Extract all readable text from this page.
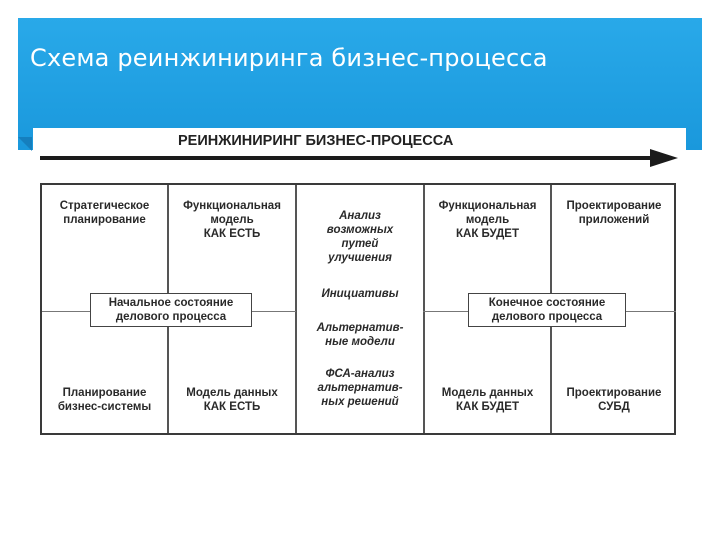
Схема реинжиниринга бизнес-процесса
РЕИНЖИНИРИНГ БИЗНЕС-ПРОЦЕССА
Стратегическое
планирование
Функциональная
модель
КАК ЕСТЬ
Анализ
возможных
путей
улучшения
Инициативы
Альтернатив-
ные модели
ФСА-анализ
альтернатив-
ных решений
Функциональная
модель
КАК БУДЕТ
Проектирование
приложений
Планирование
бизнес-системы
Модель данных
КАК ЕСТЬ
Модель данных
КАК БУДЕТ
Проектирование
СУБД
Начальное состояние
делового процесса
Конечное состояние
делового процесса
